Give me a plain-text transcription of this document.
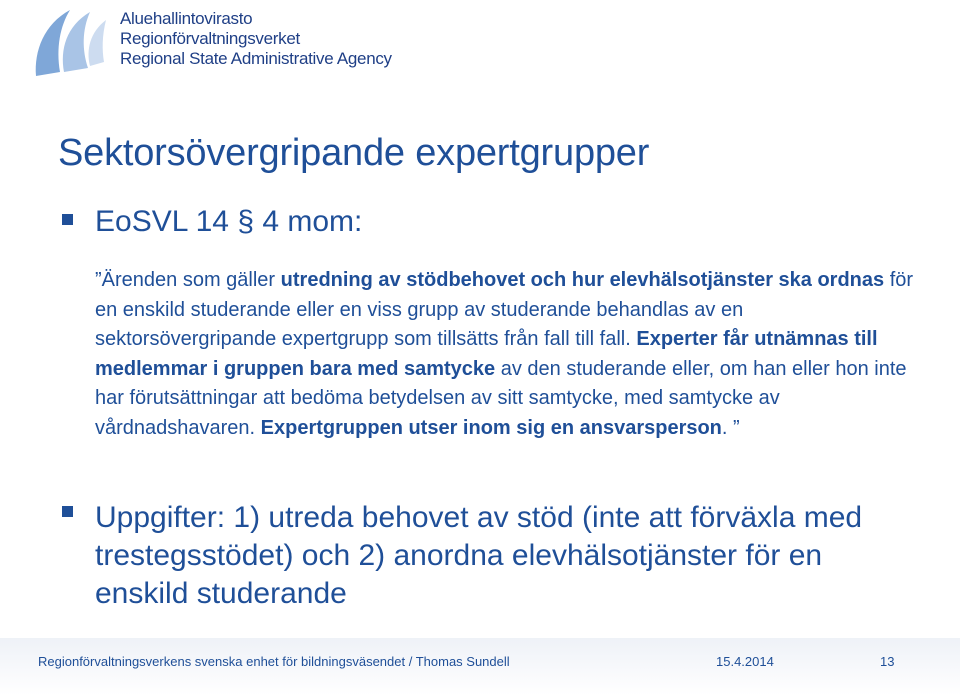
Aluehallintovirasto
Regionförvaltningsverket
Regional State Administrative Agency
Sektorsövergripande expertgrupper
EoSVL 14 § 4 mom:
”Ärenden som gäller utredning av stödbehovet och hur elevhälsotjänster ska ordnas för en enskild studerande eller en viss grupp av studerande behandlas av en sektorsövergripande expertgrupp som tillsätts från fall till fall. Experter får utnämnas till medlemmar i gruppen bara med samtycke av den studerande eller, om han eller hon inte har förutsättningar att bedöma betydelsen av sitt samtycke, med samtycke av vårdnadshavaren. Expertgruppen utser inom sig en ansvarsperson. ”
Uppgifter: 1) utreda behovet av stöd (inte att förväxla med trestegsstödet) och 2) anordna elevhälsotjänster för en enskild studerande
Regionförvaltningsverkens svenska enhet för bildningsväsendet / Thomas Sundell	15.4.2014	13
